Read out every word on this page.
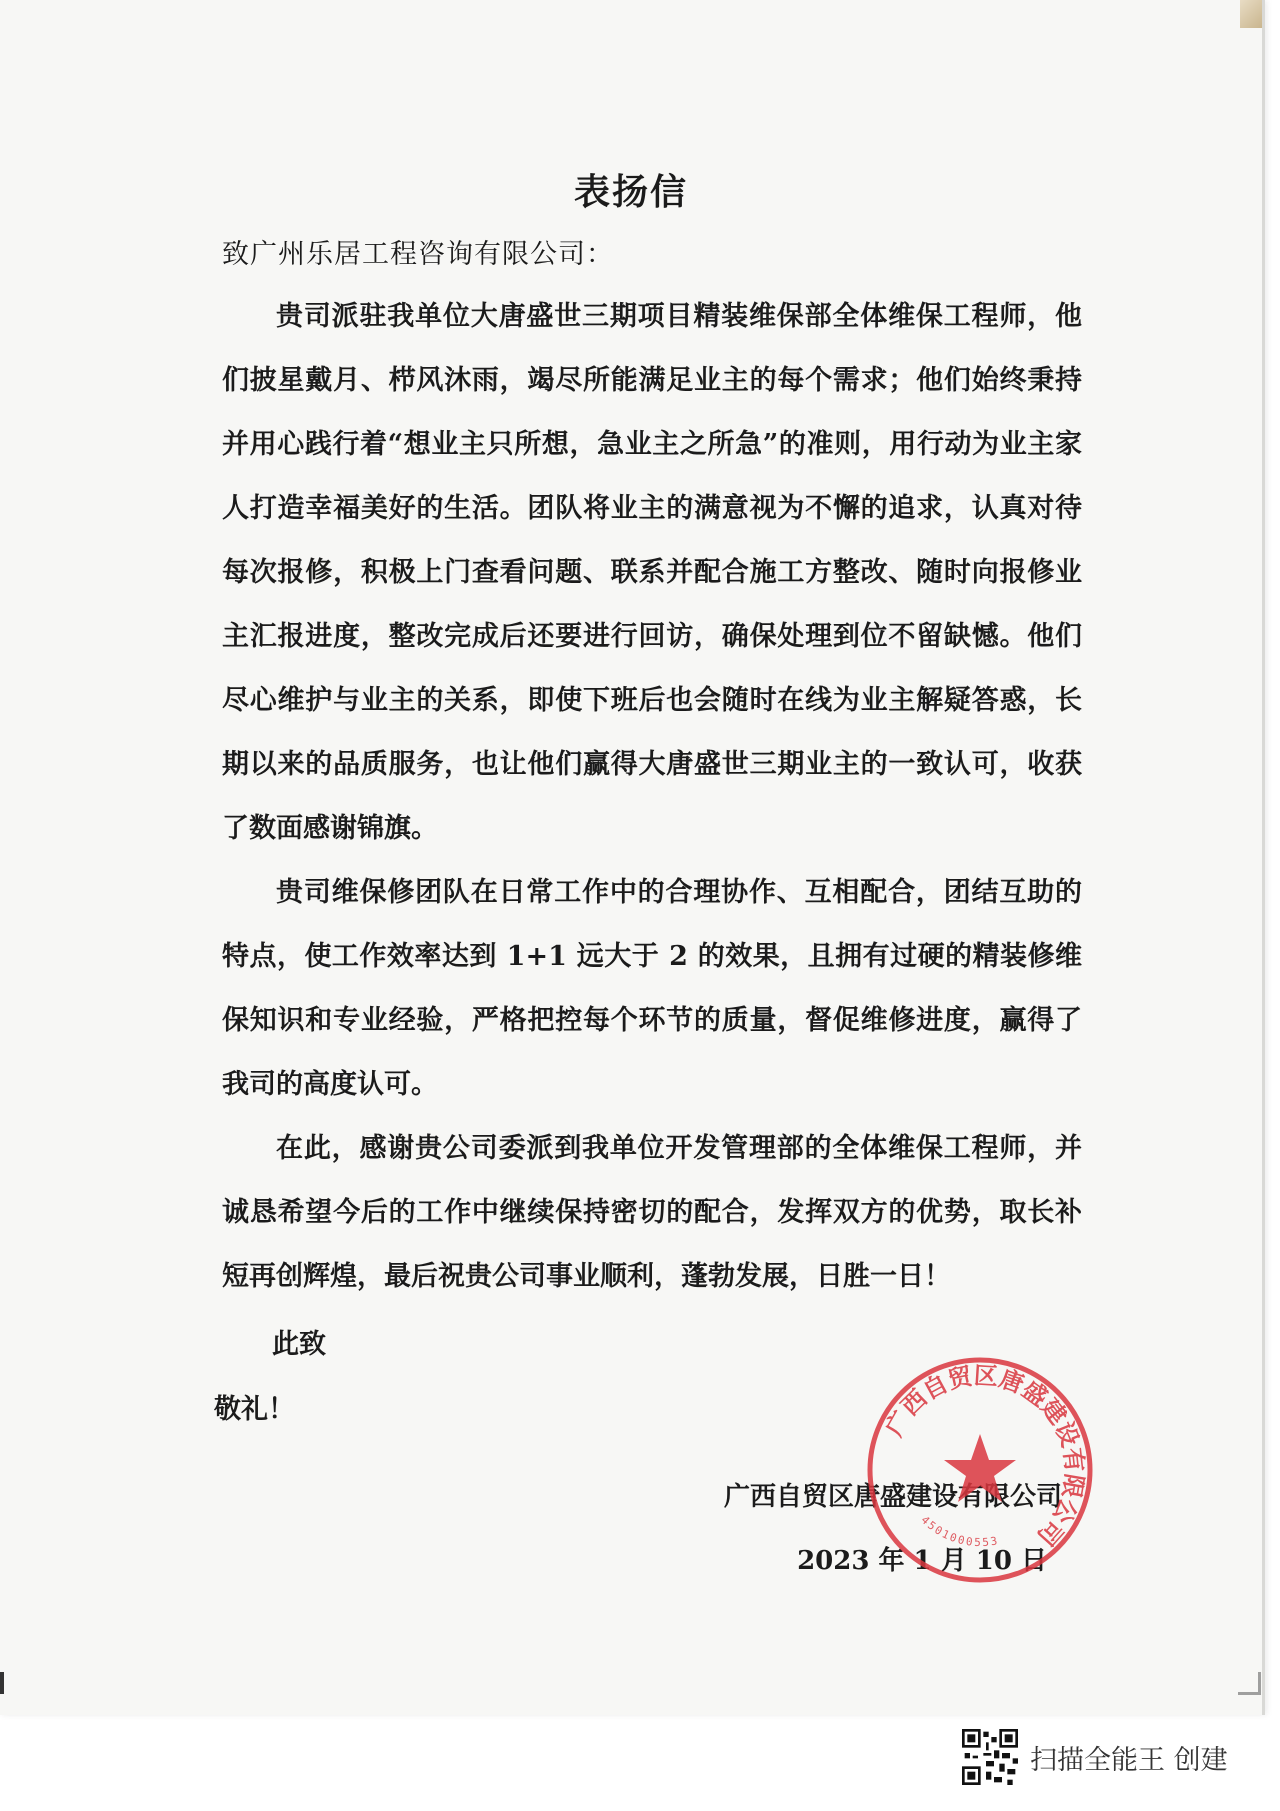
表扬信
致广州乐居工程咨询有限公司：

贵司派驻我单位大唐盛世三期项目精装维保部全体维保工程师，他们披星戴月、栉风沐雨，竭尽所能满足业主的每个需求；他们始终秉持并用心践行着“想业主只所想，急业主之所急”的准则，用行动为业主家人打造幸福美好的生活。团队将业主的满意视为不懈的追求，认真对待每次报修，积极上门查看问题、联系并配合施工方整改、随时向报修业主汇报进度，整改完成后还要进行回访，确保处理到位不留缺憾。他们尽心维护与业主的关系，即使下班后也会随时在线为业主解疑答惑，长期以来的品质服务，也让他们赢得大唐盛世三期业主的一致认可，收获了数面感谢锦旗。

贵司维保修团队在日常工作中的合理协作、互相配合，团结互助的特点，使工作效率达到 1+1 远大于 2 的效果，且拥有过硬的精装修维保知识和专业经验，严格把控每个环节的质量，督促维修进度，赢得了我司的高度认可。

在此，感谢贵公司委派到我单位开发管理部的全体维保工程师，并诚恳希望今后的工作中继续保持密切的配合，发挥双方的优势，取长补短再创辉煌，最后祝贵公司事业顺利，蓬勃发展，日胜一日！

此致
敬礼！
广西自贸区唐盛建设有限公司
2023 年 1 月 10 日
广西自贸区唐盛建设有限公司
4501000553
扫描全能王 创建
